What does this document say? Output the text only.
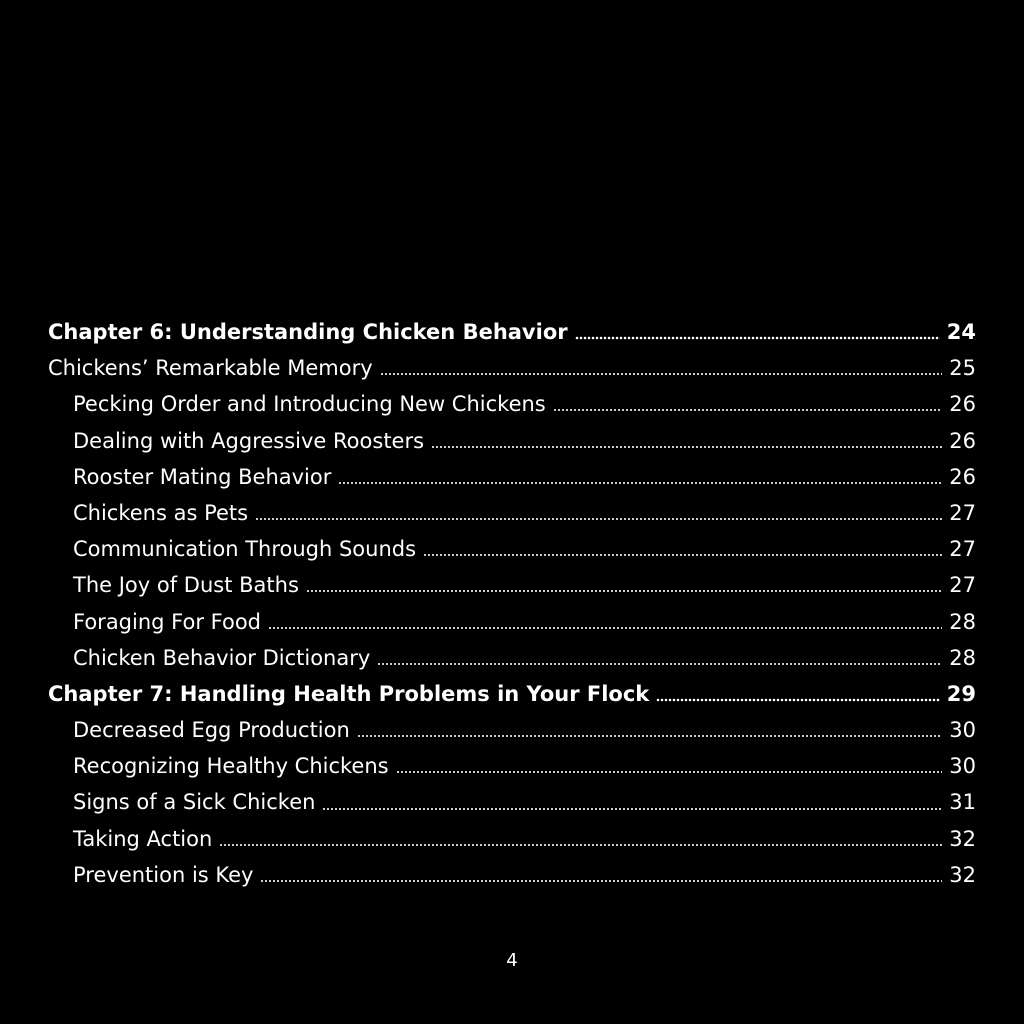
Chapter 6: Understanding Chicken Behavior	24
Chickens’ Remarkable Memory	25
Pecking Order and Introducing New Chickens	26
Dealing with Aggressive Roosters	26
Rooster Mating Behavior	26
Chickens as Pets	27
Communication Through Sounds	27
The Joy of Dust Baths	27
Foraging For Food	28
Chicken Behavior Dictionary	28
Chapter 7: Handling Health Problems in Your Flock	29
Decreased Egg Production	30
Recognizing Healthy Chickens	30
Signs of a Sick Chicken	31
Taking Action	32
Prevention is Key	32
4
